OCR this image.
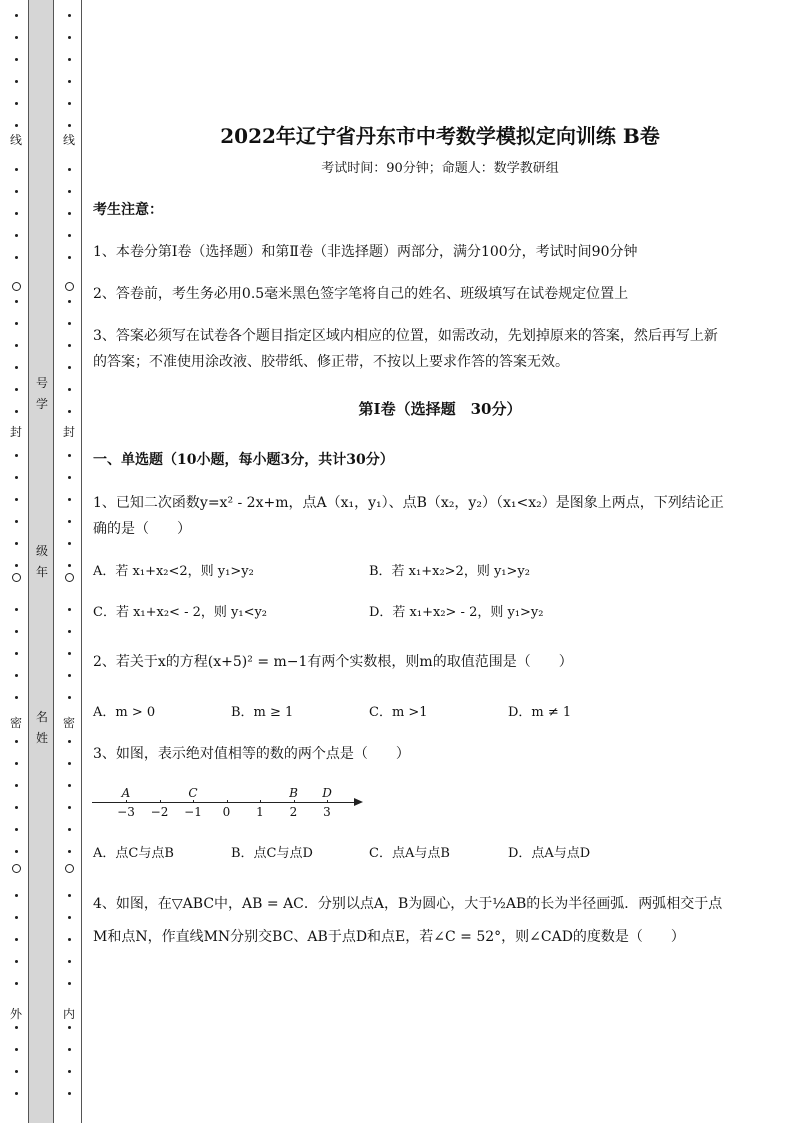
线
封
密
外
线
封
密
内
号
学
级
年
名
姓
2022年辽宁省丹东市中考数学模拟定向训练 B卷
考试时间：90分钟；命题人：数学教研组
考生注意：
1、本卷分第I卷（选择题）和第Ⅱ卷（非选择题）两部分，满分100分，考试时间90分钟
2、答卷前，考生务必用0.5毫米黑色签字笔将自己的姓名、班级填写在试卷规定位置上
3、答案必须写在试卷各个题目指定区域内相应的位置，如需改动，先划掉原来的答案，然后再写上新
的答案；不准使用涂改液、胶带纸、修正带，不按以上要求作答的答案无效。
第I卷（选择题　30分）
一、单选题（10小题，每小题3分，共计30分）
1、已知二次函数y=x² - 2x+m，点A（x₁，y₁）、点B（x₂，y₂）（x₁<x₂）是图象上两点，下列结论正
确的是（　　）
A．若 x₁+x₂<2，则 y₁>y₂	B．若 x₁+x₂>2，则 y₁>y₂
C．若 x₁+x₂< - 2，则 y₁<y₂	D．若 x₁+x₂> - 2，则 y₁>y₂
2、若关于x的方程(x+5)² = m−1有两个实数根，则m的取值范围是（　　）
A．m > 0	B．m ≥ 1	C．m >1	D．m ≠ 1
3、如图，表示绝对值相等的数的两个点是（　　）
−3 −2 −1	0	1	2	3
A	C	B D
A．点C与点B	B．点C与点D	C．点A与点B	D．点A与点D
4、如图，在▽ABC中，AB = AC．分别以点A，B为圆心，大于½AB的长为半径画弧．两弧相交于点
M和点N，作直线MN分别交BC、AB于点D和点E，若∠C = 52°，则∠CAD的度数是（　　）
